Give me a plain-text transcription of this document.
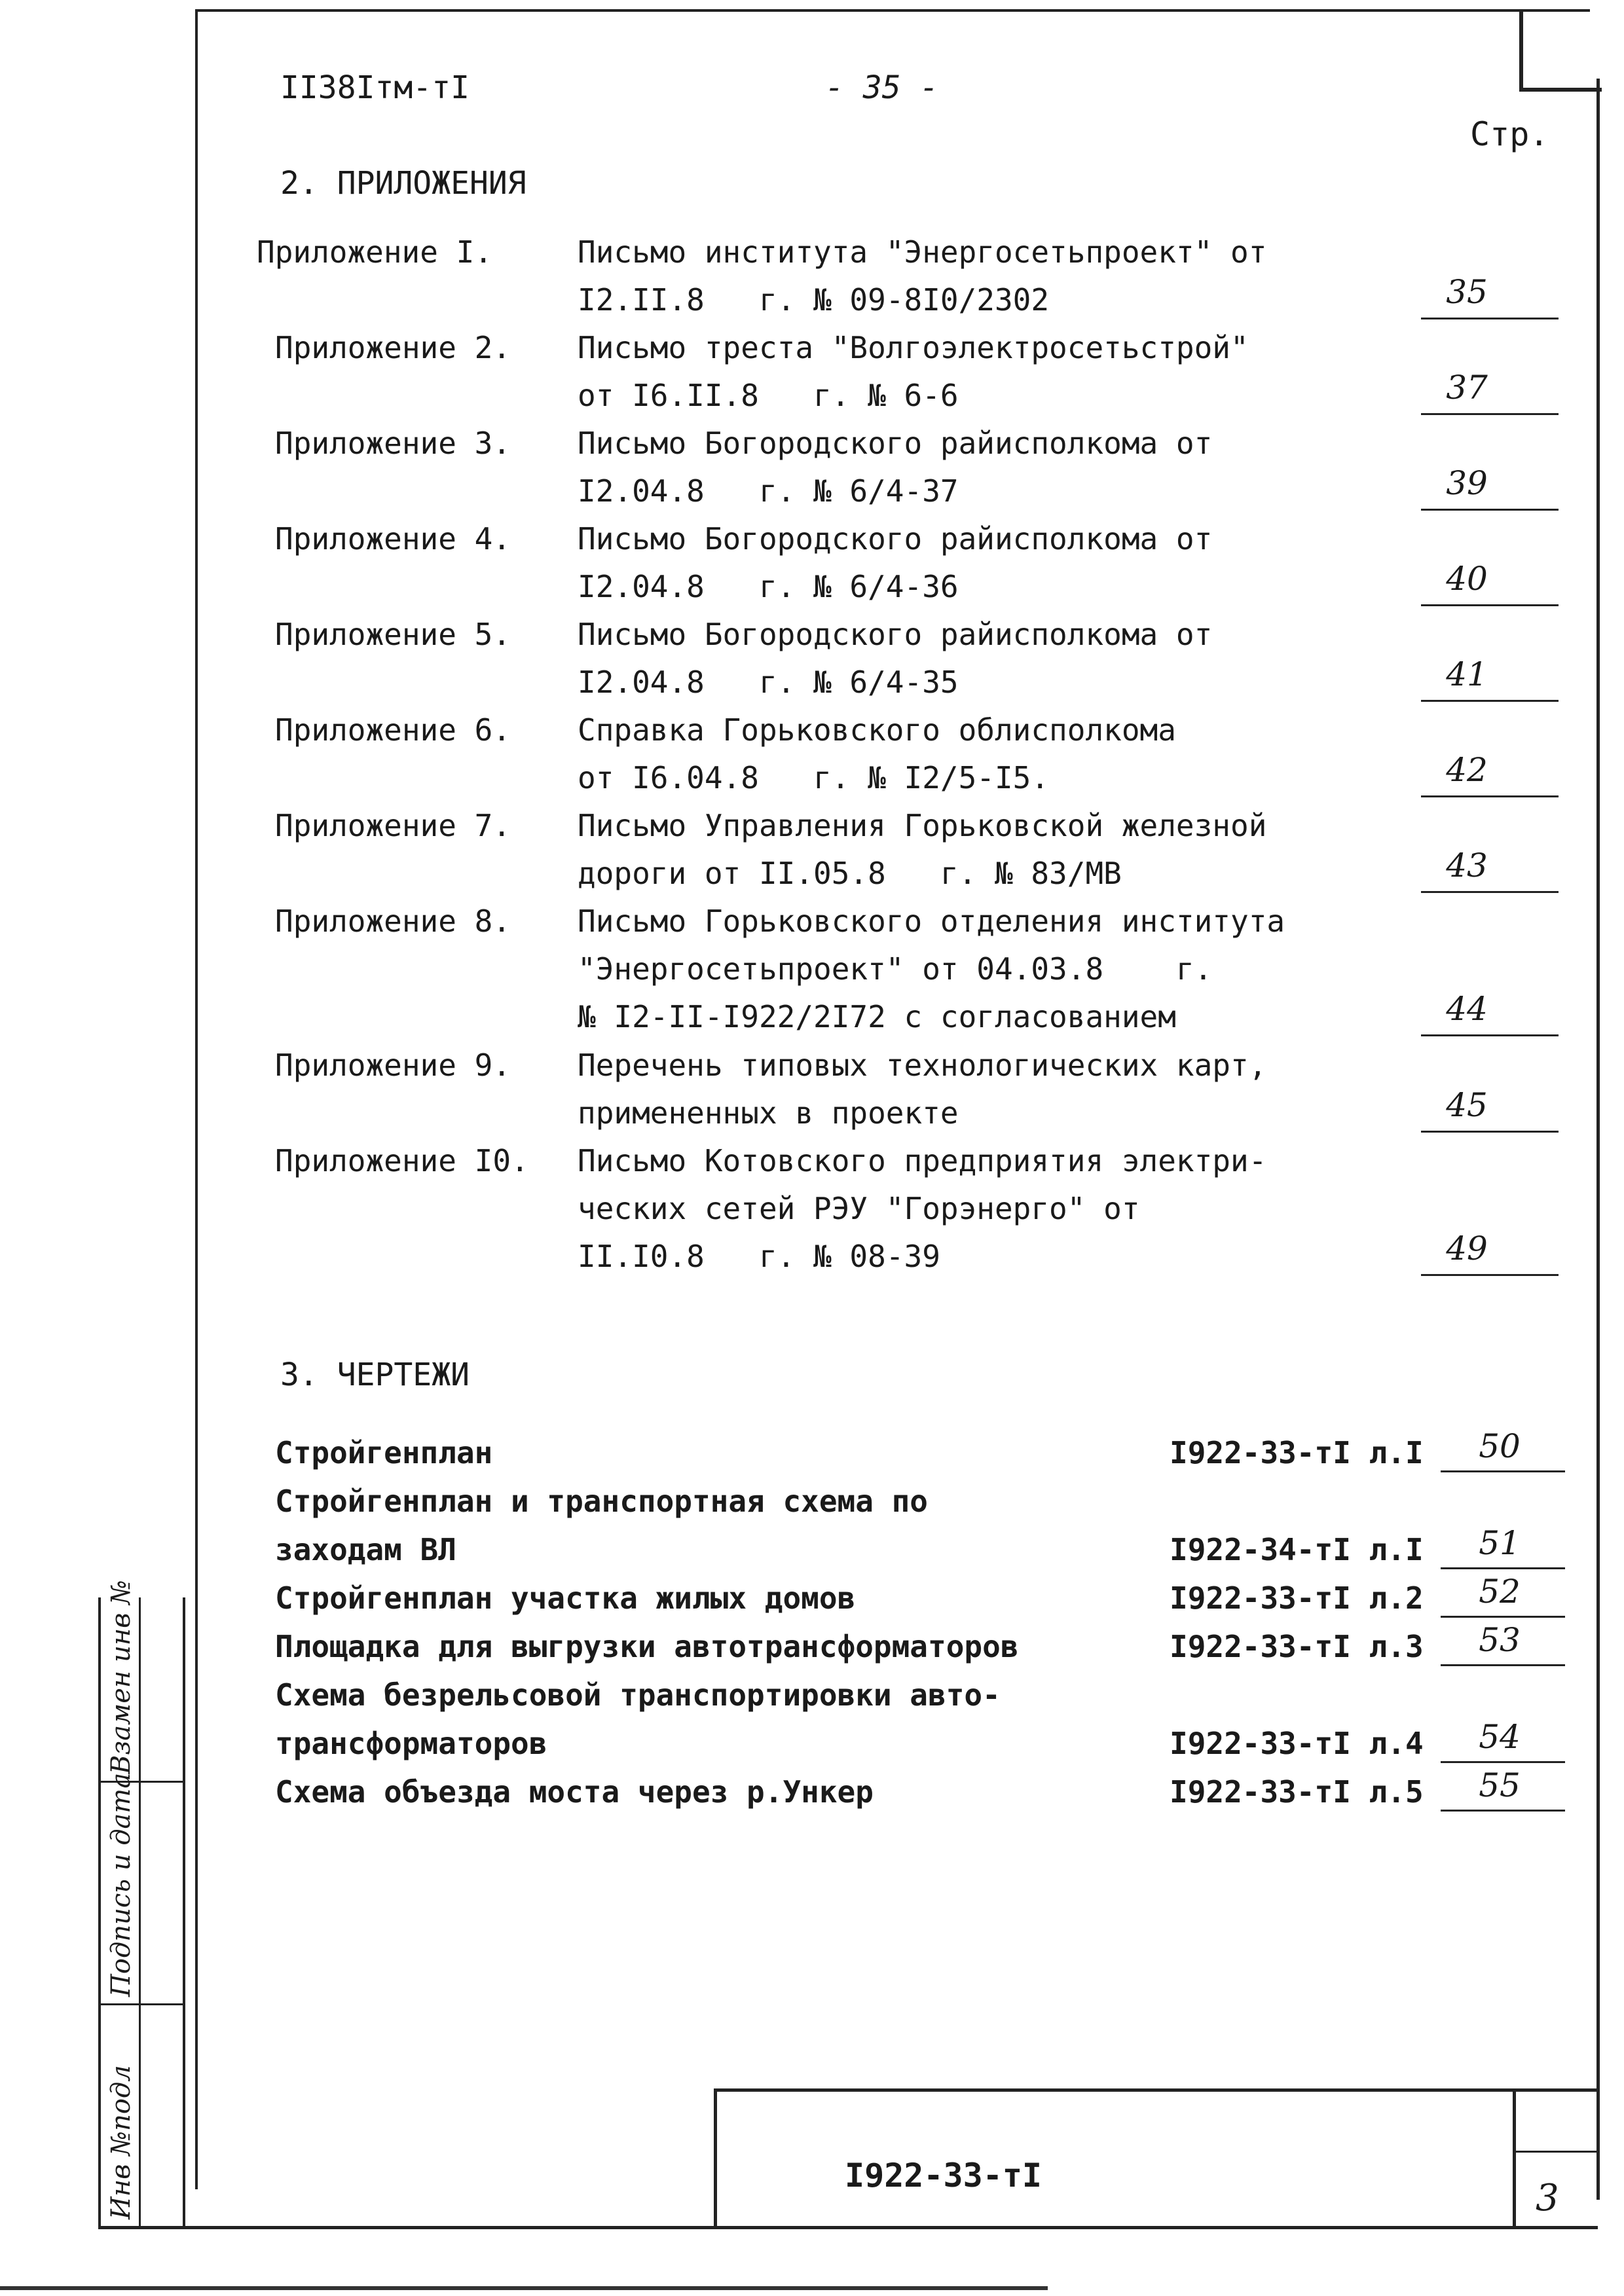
II38Iтм-тI	- 35 -
Стр.
2. ПРИЛОЖЕНИЯ
Приложение I.	Письмо института "Энергосетьпроект" от
I2.II.8   г. № 09-8I0/2302	35
Приложение 2. Письмо треста "Волгоэлектросетьстрой"
от I6.II.8   г. № 6-6	37
Приложение 3. Письмо Богородского райисполкома от
I2.04.8   г. № 6/4-37	39
Приложение 4. Письмо Богородского райисполкома от
I2.04.8   г. № 6/4-36	40
Приложение 5. Письмо Богородского райисполкома от
I2.04.8   г. № 6/4-35	41
Приложение 6. Справка Горьковского облисполкома
от I6.04.8   г. № I2/5-I5.	42
Приложение 7. Письмо Управления Горьковской железной
дороги от II.05.8   г. № 83/МВ	43
Приложение 8. Письмо Горьковского отделения института
"Энергосетьпроект" от 04.03.8    г.
№ I2-II-I922/2I72 с согласованием	44
Приложение 9. Перечень типовых технологических карт,
примененных в проекте	45
Приложение I0. Письмо Котовского предприятия электри-
ческих сетей РЭУ "Горэнерго" от
II.I0.8   г. № 08-39	49
3. ЧЕРТЕЖИ
Стройгенплан	I922-33-тI л.I	50
Стройгенплан и транспортная схема по
заходам ВЛ	I922-34-тI л.I	51
Стройгенплан участка жилых домов	I922-33-тI л.2	52
Площадка для выгрузки автотрансформаторов	I922-33-тI л.3	53
Схема безрельсовой транспортировки авто-
трансформаторов	I922-33-тI л.4	54
Схема объезда моста через р.Ункер	I922-33-тI л.5	55
Инв №подл
Подпись и дата
Взамен инв №
I922-33-тI
3
